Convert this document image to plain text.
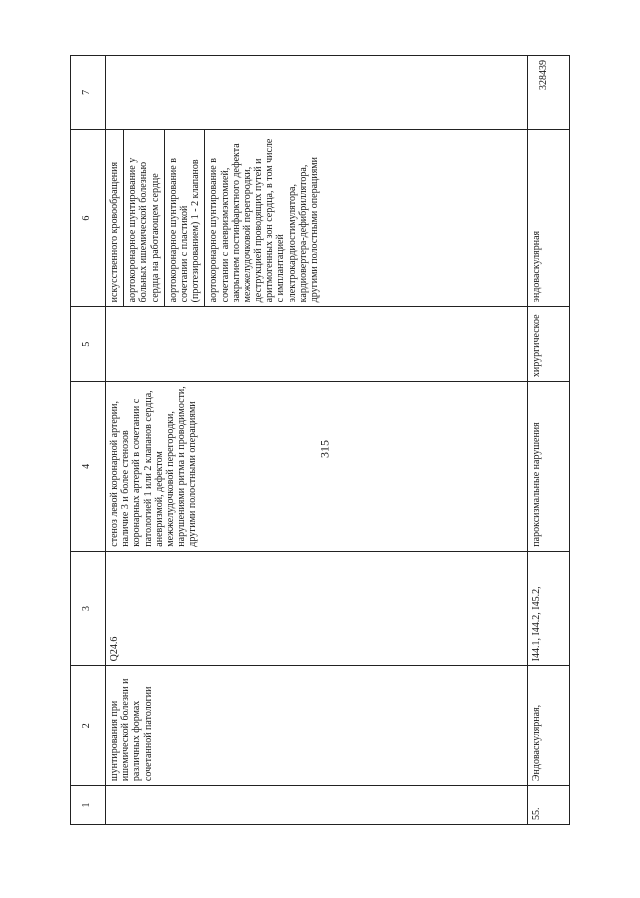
315
1
2
3
4
5
6
7
шунтирования при ишемической болезни и различных формах сочетанной патологии
Q24.6
стеноз левой коронарной артерии, наличие 3 и более стенозов коронарных артерий в сочетании с патологией 1 или 2 клапанов сердца, аневризмой, дефектом межжелудочковой перегородки, нарушениями ритма и проводимости, другими полостными операциями
искусственного кровообращения аортокоронарное шунтирование у больных ишемической болезнью сердца на работающем сердце аортокоронарное шунтирование в сочетании с пластикой (протезированием) 1 - 2 клапанов аортокоронарное шунтирование в сочетании с аневризмэктомией, закрытием постинфарктного дефекта межжелудочковой перегородки, деструкцией проводящих путей и аритмогенных зон сердца, в том числе с имплантацией электрокардиостимулятора, кардиовертера-дефибриллятора, другими полостными операциями
55.
Эндоваскулярная,
I44.1, I44.2, I45.2,
пароксизмальные нарушения
хирургическое
эндоваскулярная
328439
